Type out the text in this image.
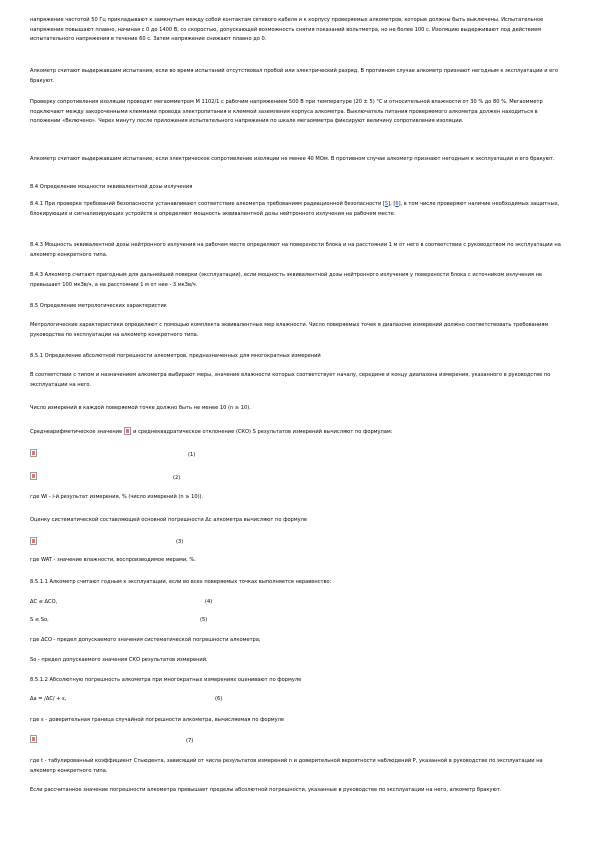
напряжение частотой 50 Гц прикладывают к замкнутым между собой контактам сетевого кабеля и к корпусу проверяемых алкометров, которые должны быть выключены. Испытательное напряжение повышают плавно, начиная с 0 до 1400 В, со скоростью, допускающей возможность снятия показаний вольтметра, но не более 100 с. Изоляцию выдерживают под действием испытательного напряжения в течение 60 с. Затем напряжение снижают плавно до 0.

Алкометр считают выдержавшим испытания, если во время испытаний отсутствовал пробой или электрический разряд. В противном случае алкометр признают негодным к эксплуатации и его бракуют.

Проверку сопротивления изоляции проводят мегаомметром М 1102/1 с рабочим напряжением 500 В при температуре (20 ± 5) °С и относительной влажности от 30 % до 80 %. Мегаомметр подключают между закороченными клеммами провода электропитания и клеммой заземления корпуса алкометра. Выключатель питания проверяемого алкометра должен находиться в положении «Включено». Через минуту после приложения испытательного напряжения по шкале мегаомметра фиксируют величину сопротивления изоляции.

Алкометр считают выдержавшим испытание, если электрическое сопротивление изоляции не менее 40 МОм. В противном случае алкометр признают негодным к эксплуатации и его бракуют.

8.4 Определение мощности эквивалентной дозы излучения

8.4.1 При проверке требований безопасности устанавливают соответствие алкометра требованиям радиационной безопасности [5], [6], в том числе проверяют наличие необходимых защитных, блокирующих и сигнализирующих устройств и определяют мощность эквивалентной дозы нейтронного излучения на рабочем месте.

8.4.3 Мощность эквивалентной дозы нейтронного излучения на рабочем месте определяют на поверхности блока и на расстоянии 1 м от него в соответствии с руководством по эксплуатации на алкометр конкретного типа.

8.4.3 Алкометр считают пригодным для дальнейшей поверки (эксплуатации), если мощность эквивалентной дозы нейтронного излучения у поверхности блока с источником излучения не превышает 100 мкЗв/ч, а на расстоянии 1 м от нее - 3 мкЗв/ч.

8.5 Определение метрологических характеристик

Метрологические характеристики определяют с помощью комплекта эквивалентных мер влажности. Число поверяемых точек в диапазоне измерений должно соответствовать требованиям руководства по эксплуатации на алкометр конкретного типа.

8.5.1 Определение абсолютной погрешности алкометров, предназначенных для многократных измерений

В соответствии с типом и назначением алкометра выбирают меры, значение влажности которых соответствует началу, середине и концу диапазона измерения, указанного в руководстве по эксплуатации на него.

Число измерений в каждой поверяемой точке должно быть не менее 10 (n ≥ 10).

Среднеарифметическое значение и среднеквадратическое отклонение (СКО) S результатов измерений вычисляют по формулам:

(1)
(2)

где Wi - i-й результат измерения, % (число измерений (n ≥ 10)).

Оценку систематической составляющей основной погрешности Δс алкометра вычисляют по формуле

(3)

где WAT - значение влажности, воспроизводимое мерами, %.

8.5.1.1 Алкометр считают годным к эксплуатации, если во всех поверяемых точках выполняется неравенство:

ΔС ≤ ΔСО,	(4)
S ≤ So,	(5)

где ΔСО - предел допускаемого значения систематической погрешности алкометра;

So - предел допускаемого значения СКО результатов измерений.

8.5.1.2 Абсолютную погрешность алкометра при многократных измерениях оценивают по формуле

Δа = /ΔС/ + ε,	(6)

где ε - доверительная граница случайной погрешности алкометра, вычисляемая по формуле

(7)

где t - табулированный коэффициент Стьюдента, зависящий от числа результатов измерений n и доверительной вероятности наблюдений P, указанной в руководстве по эксплуатации на алкометр конкретного типа.

Если рассчитанное значение погрешности алкометра превышает пределы абсолютной погрешности, указанные в руководстве по эксплуатации на него, алкометр бракуют.
